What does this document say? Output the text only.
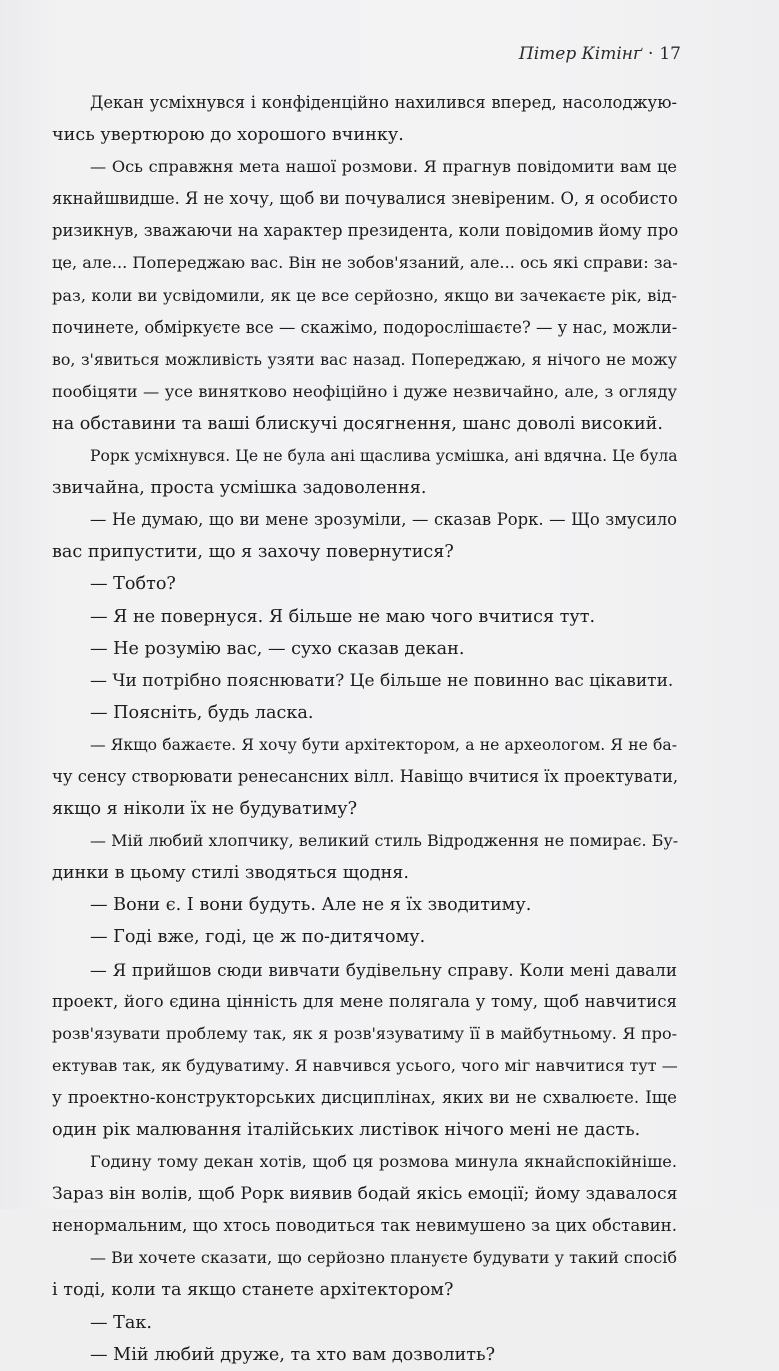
Пітер Кітінґ · 17
Декан усміхнувся і конфіденційно нахилився вперед, насолоджую-
чись увертюрою до хорошого вчинку.
— Ось справжня мета нашої розмови. Я прагнув повідомити вам це
якнайшвидше. Я не хочу, щоб ви почувалися зневіреним. О, я особисто
ризикнув, зважаючи на характер президента, коли повідомив йому про
це, але... Попереджаю вас. Він не зобов'язаний, але... ось які справи: за-
раз, коли ви усвідомили, як це все серйозно, якщо ви зачекаєте рік, від-
починете, обміркуєте все — скажімо, подорослішаєте? — у нас, можли-
во, з'явиться можливість узяти вас назад. Попереджаю, я нічого не можу
пообіцяти — усе винятково неофіційно і дуже незвичайно, але, з огляду
на обставини та ваші блискучі досягнення, шанс доволі високий.
Рорк усміхнувся. Це не була ані щаслива усмішка, ані вдячна. Це була
звичайна, проста усмішка задоволення.
— Не думаю, що ви мене зрозуміли, — сказав Рорк. — Що змусило
вас припустити, що я захочу повернутися?
— Тобто?
— Я не повернуся. Я більше не маю чого вчитися тут.
— Не розумію вас, — сухо сказав декан.
— Чи потрібно пояснювати? Це більше не повинно вас цікавити.
— Поясніть, будь ласка.
— Якщо бажаєте. Я хочу бути архітектором, а не археологом. Я не ба-
чу сенсу створювати ренесансних вілл. Навіщо вчитися їх проектувати,
якщо я ніколи їх не будуватиму?
— Мій любий хлопчику, великий стиль Відродження не помирає. Бу-
динки в цьому стилі зводяться щодня.
— Вони є. І вони будуть. Але не я їх зводитиму.
— Годі вже, годі, це ж по-дитячому.
— Я прийшов сюди вивчати будівельну справу. Коли мені давали
проект, його єдина цінність для мене полягала у тому, щоб навчитися
розв'язувати проблему так, як я розв'язуватиму її в майбутньому. Я про-
ектував так, як будуватиму. Я навчився усього, чого міг навчитися тут —
у проектно-конструкторських дисциплінах, яких ви не схвалюєте. Іще
один рік малювання італійських листівок нічого мені не дасть.
Годину тому декан хотів, щоб ця розмова минула якнайспокійніше.
Зараз він волів, щоб Рорк виявив бодай якісь емоції; йому здавалося
ненормальним, що хтось поводиться так невимушено за цих обставин.
— Ви хочете сказати, що серйозно плануєте будувати у такий спосіб
і тоді, коли та якщо станете архітектором?
— Так.
— Мій любий друже, та хто вам дозволить?
